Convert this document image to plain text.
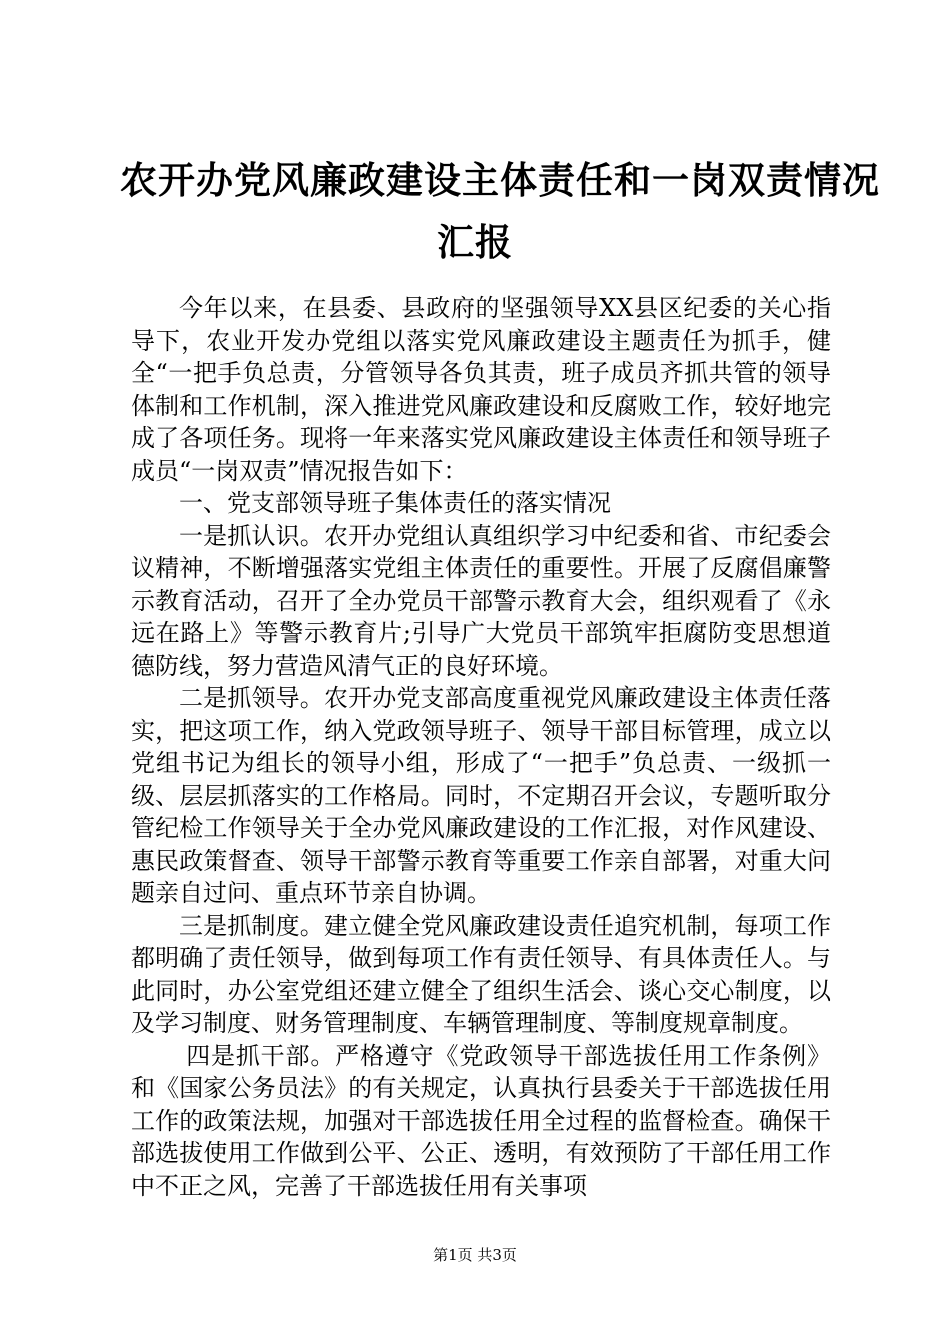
农开办党风廉政建设主体责任和一岗双责情况
汇报

今年以来，在县委、县政府的坚强领导XX县区纪委的关心指导下，农业开发办党组以落实党风廉政建设主题责任为抓手，健全“一把手负总责，分管领导各负其责，班子成员齐抓共管的领导体制和工作机制，深入推进党风廉政建设和反腐败工作，较好地完成了各项任务。现将一年来落实党风廉政建设主体责任和领导班子成员“一岗双责”情况报告如下：

一、党支部领导班子集体责任的落实情况

一是抓认识。农开办党组认真组织学习中纪委和省、市纪委会议精神，不断增强落实党组主体责任的重要性。开展了反腐倡廉警示教育活动，召开了全办党员干部警示教育大会，组织观看了《永远在路上》等警示教育片;引导广大党员干部筑牢拒腐防变思想道德防线，努力营造风清气正的良好环境。

二是抓领导。农开办党支部高度重视党风廉政建设主体责任落实，把这项工作，纳入党政领导班子、领导干部目标管理，成立以党组书记为组长的领导小组，形成了“一把手”负总责、一级抓一级、层层抓落实的工作格局。同时，不定期召开会议，专题听取分管纪检工作领导关于全办党风廉政建设的工作汇报，对作风建设、惠民政策督查、领导干部警示教育等重要工作亲自部署，对重大问题亲自过问、重点环节亲自协调。

三是抓制度。建立健全党风廉政建设责任追究机制，每项工作都明确了责任领导，做到每项工作有责任领导、有具体责任人。与此同时，办公室党组还建立健全了组织生活会、谈心交心制度，以及学习制度、财务管理制度、车辆管理制度、等制度规章制度。

四是抓干部。严格遵守《党政领导干部选拔任用工作条例》和《国家公务员法》的有关规定，认真执行县委关于干部选拔任用工作的政策法规，加强对干部选拔任用全过程的监督检查。确保干部选拔使用工作做到公平、公正、透明，有效预防了干部任用工作中不正之风，完善了干部选拔任用有关事项

第1页 共3页
